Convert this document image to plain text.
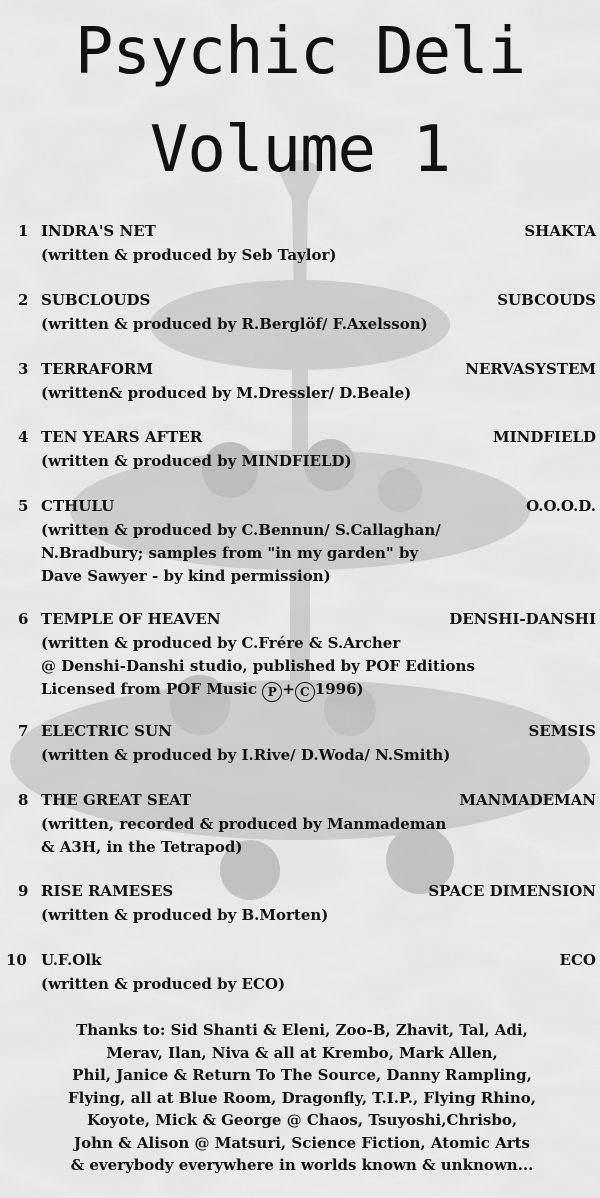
Psychic Deli
Volume 1
1 INDRA'S NET	SHAKTA
(written & produced by Seb Taylor)
2 SUBCLOUDS	SUBCOUDS
(written & produced by R.Berglöf/ F.Axelsson)
3 TERRAFORM	NERVASYSTEM
(written& produced by M.Dressler/ D.Beale)
4 TEN YEARS AFTER	MINDFIELD
(written & produced by MINDFIELD)
5 CTHULU	O.O.O.D.
(written & produced by C.Bennun/ S.Callaghan/
N.Bradbury; samples from "in my garden" by
Dave Sawyer - by kind permission)
6 TEMPLE OF HEAVEN	DENSHI-DANSHI
(written & produced by C.Frére & S.Archer
@ Denshi-Danshi studio, published by POF Editions
Licensed from POF Music P + C 1996)
7 ELECTRIC SUN	SEMSIS
(written & produced by I.Rive/ D.Woda/ N.Smith)
8 THE GREAT SEAT	MANMADEMAN
(written, recorded & produced by Manmademan
& A3H, in the Tetrapod)
9 RISE RAMESES	SPACE DIMENSION
(written & produced by B.Morten)
10 U.F.Olk	ECO
(written & produced by ECO)
Thanks to: Sid Shanti & Eleni, Zoo-B, Zhavit, Tal, Adi,
Merav, Ilan, Niva & all at Krembo, Mark Allen,
Phil, Janice & Return To The Source, Danny Rampling,
Flying, all at Blue Room, Dragonfly, T.I.P., Flying Rhino,
Koyote, Mick & George @ Chaos, Tsuyoshi,Chrisbo,
John & Alison @ Matsuri, Science Fiction, Atomic Arts
& everybody everywhere in worlds known & unknown...
